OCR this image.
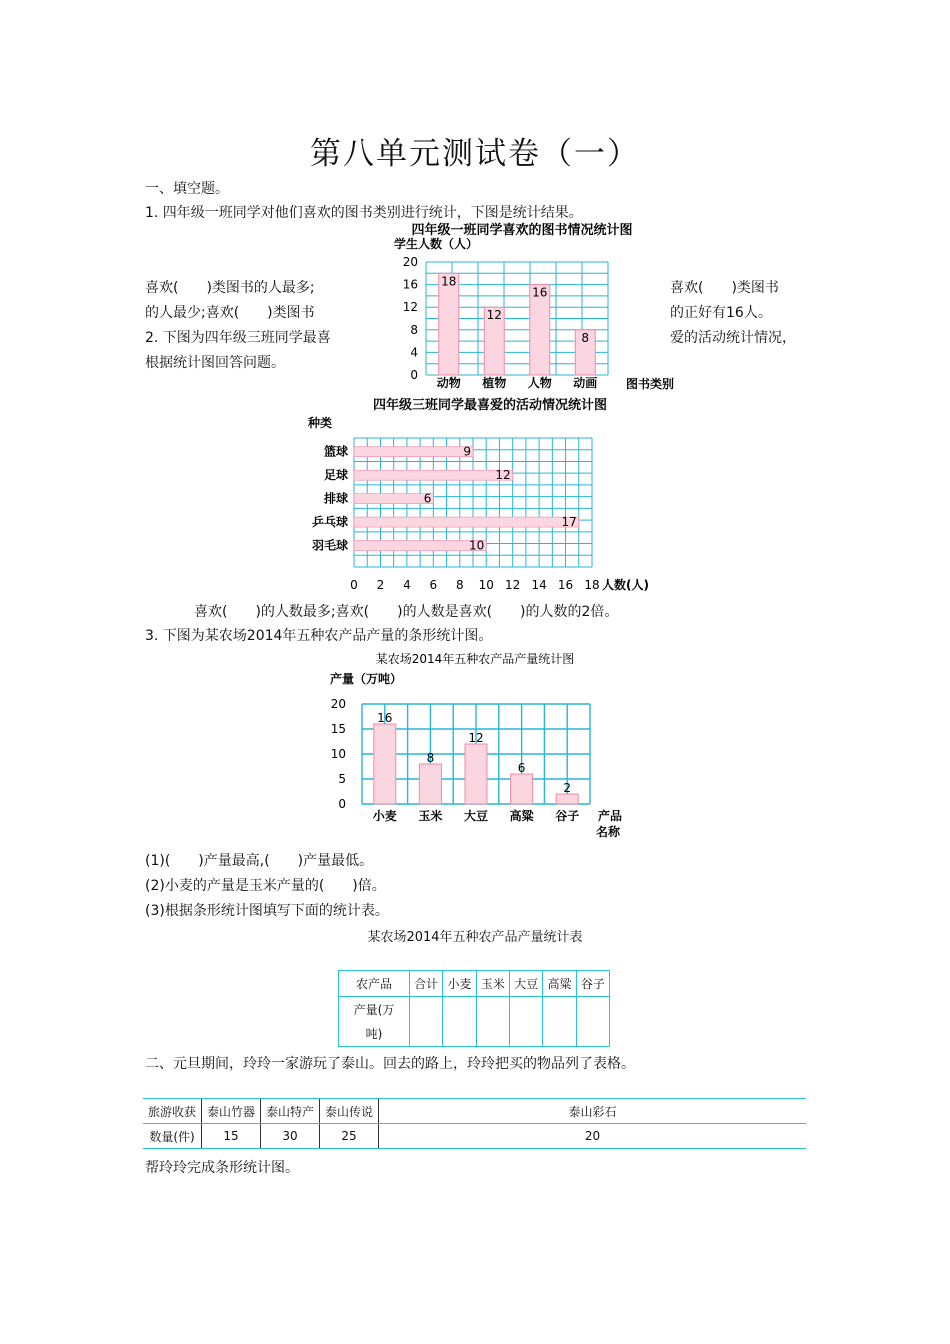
第八单元测试卷（一）
一、填空题。
1. 四年级一班同学对他们喜欢的图书类别进行统计，下图是统计结果。
四年级一班同学喜欢的图书情况统计图
学生人数（人）
18
12
16
8
动物 植物 人物 动画
0
4
8
12
16
20
图书类别
喜欢(　　)类图书的人最多;
的人最少;喜欢(　　)类图书
喜欢(　　)类图书
的正好有16人。
2. 下图为四年级三班同学最喜	爱的活动统计情况，
根据统计图回答问题。
四年级三班同学最喜爱的活动情况统计图
种类
9
12
6
17
10
篮球
足球
排球
乒乓球
羽毛球
0 2 4 6 8 10 12 14 16 18 人数(人)
喜欢(　　)的人数最多;喜欢(　　)的人数是喜欢(　　)的人数的2倍。
3. 下图为某农场2014年五种农产品产量的条形统计图。
某农场2014年五种农产品产量统计图
产量（万吨）
16
8
12
6
2
小麦 玉米 大豆 高粱 谷子
0
5
10
15
20
产品
名称
(1)(　　)产量最高,(　　)产量最低。
(2)小麦的产量是玉米产量的(　　)倍。
(3)根据条形统计图填写下面的统计表。
某农场2014年五种农产品产量统计表
农产品	合计	小麦	玉米	大豆	高粱	谷子

产量(万
吨)						

二、元旦期间，玲玲一家游玩了泰山。回去的路上，玲玲把买的物品列了表格。
旅游收获	泰山竹器	泰山特产	泰山传说	泰山彩石
数量(件)	15	30	25	20
帮玲玲完成条形统计图。
